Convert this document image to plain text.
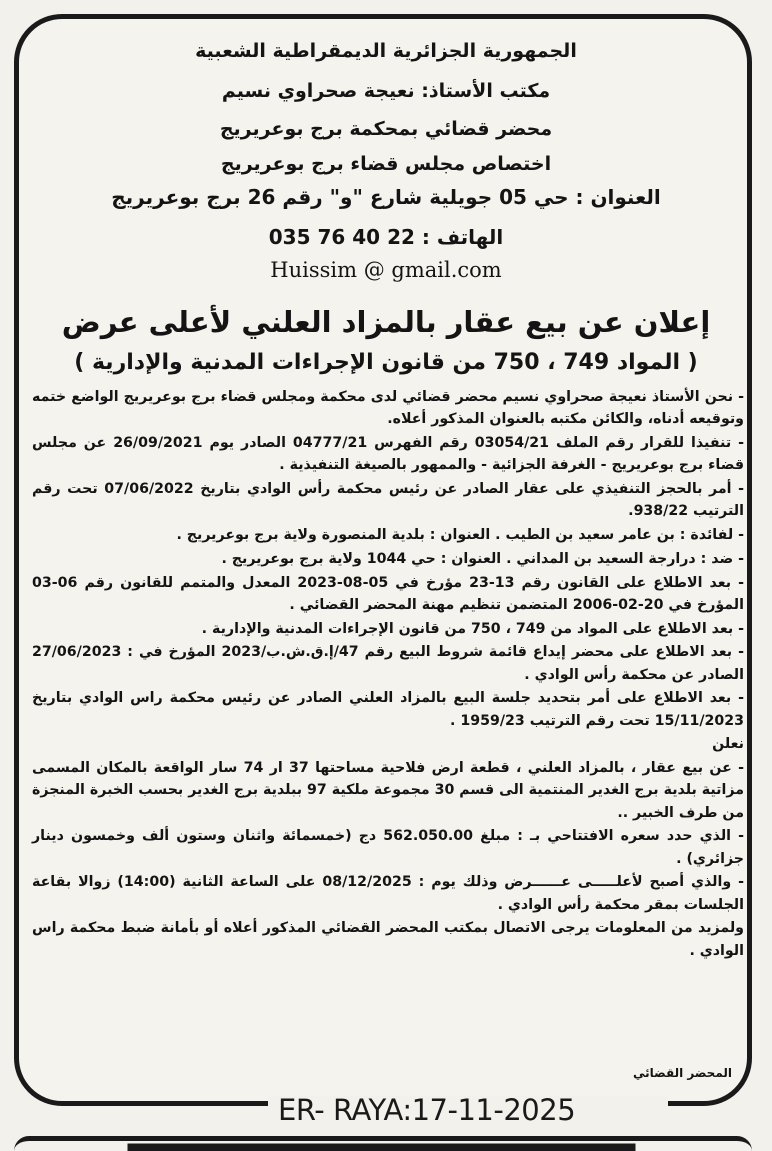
الجمهورية الجزائرية الديمقراطية الشعبية
مكتب الأستاذ: نعيجة صحراوي نسيم
محضر قضائي بمحكمة برج بوعريريج
اختصاص مجلس قضاء برج بوعريريج
العنوان : حي 05 جويلية شارع "و" رقم 26 برج بوعريريج
الهاتف : 22 40 76 035
Huissim @ gmail.com
إعلان عن بيع عقار بالمزاد العلني لأعلى عرض
( المواد 749 ، 750 من قانون الإجراءات المدنية والإدارية )

- نحن الأستاذ نعيجة صحراوي نسيم محضر قضائي لدى محكمة ومجلس قضاء برج بوعريريج الواضع ختمه وتوقيعه أدناه، والكائن مكتبه بالعنوان المذكور أعلاه.

- تنفيذا للقرار رقم الملف 03054/21 رقم الفهرس 04777/21 الصادر يوم 26/09/2021 عن مجلس قضاء برج بوعريريج - الغرفة الجزائية - والممهور بالصيغة التنفيذية .

- أمر بالحجز التنفيذي على عقار الصادر عن رئيس محكمة رأس الوادي بتاريخ 07/06/2022 تحت رقم الترتيب 938/22.

- لفائدة : بن عامر سعيد بن الطيب . العنوان : بلدية المنصورة ولاية برج بوعريريج .

- ضد : درارجة السعيد بن المداني . العنوان : حي 1044 ولاية برج بوعريريج .

- بعد الاطلاع على القانون رقم 13-23 مؤرخ في 05-08-2023 المعدل والمتمم للقانون رقم 06-03 المؤرخ في 20-02-2006 المتضمن تنظيم مهنة المحضر القضائي .

- بعد الاطلاع على المواد من 749 ، 750 من قانون الإجراءات المدنية والإدارية .

- بعد الاطلاع على محضر إيداع قائمة شروط البيع رقم 47/إ.ق.ش.ب/2023 المؤرخ في : 27/06/2023 الصادر عن محكمة رأس الوادي .

- بعد الاطلاع على أمر بتحديد جلسة البيع بالمزاد العلني الصادر عن رئيس محكمة راس الوادي بتاريخ 15/11/2023 تحت رقم الترتيب 1959/23 .

نعلن

- عن بيع عقار ، بالمزاد العلني ، قطعة ارض فلاحية مساحتها 37 ار 74 سار الواقعة بالمكان المسمى مزاتية بلدية برج الغدير المنتمية الى قسم 30 مجموعة ملكية 97 ببلدية برج الغدير بحسب الخبرة المنجزة من طرف الخبير ..

- الذي حدد سعره الافتتاحي بـ : مبلغ 562.050.00 دج (خمسمائة واثنان وستون ألف وخمسون دينار جزائري) .

- والذي أصبح لأعلـــــى عــــــرض وذلك يوم : 08/12/2025 على الساعة الثانية (14:00) زوالا بقاعة الجلسات بمقر محكمة رأس الوادي .

ولمزيد من المعلومات يرجى الاتصال بمكتب المحضر القضائي المذكور أعلاه أو بأمانة ضبط محكمة راس الوادي .

المحضر القضائي
ER- RAYA:17-11-2025
